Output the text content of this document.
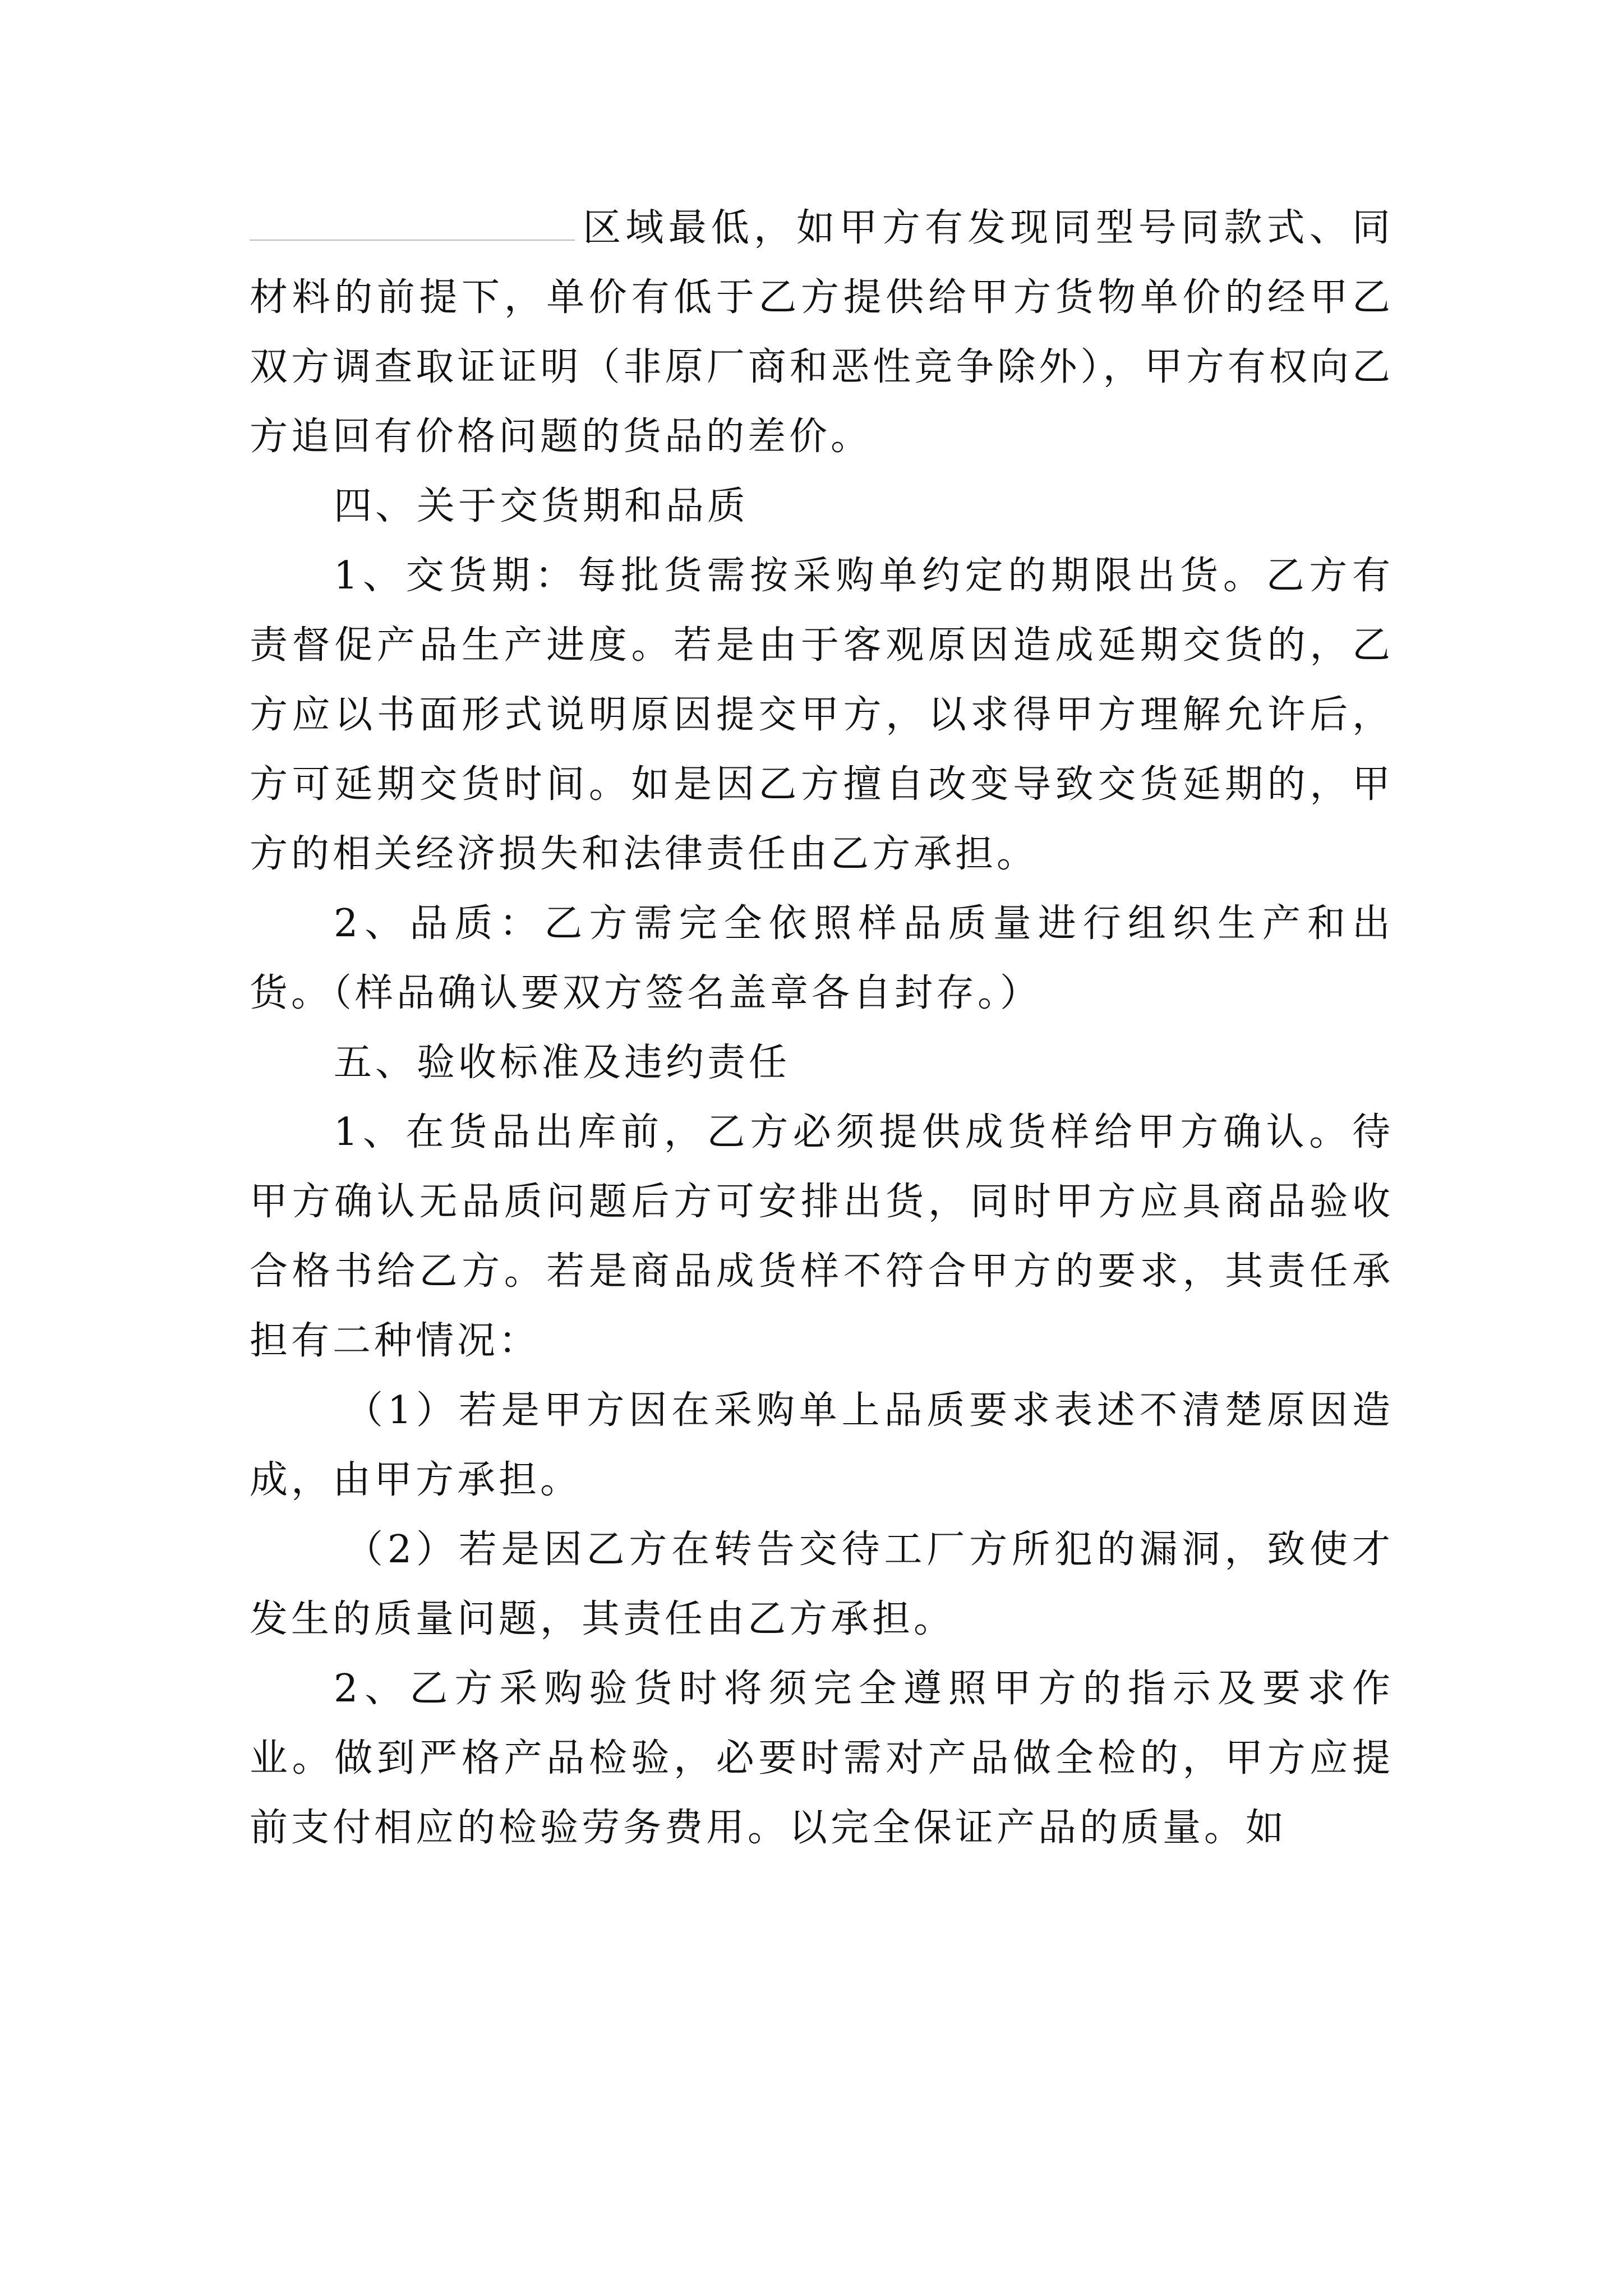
区域最低，如甲方有发现同型号同款式、同材料的前提下，单价有低于乙方提供给甲方货物单价的经甲乙双方调查取证证明（非原厂商和恶性竞争除外），甲方有权向乙方追回有价格问题的货品的差价。

四、关于交货期和品质

1、交货期：每批货需按采购单约定的期限出货。乙方有责督促产品生产进度。若是由于客观原因造成延期交货的，乙方应以书面形式说明原因提交甲方，以求得甲方理解允许后，方可延期交货时间。如是因乙方擅自改变导致交货延期的，甲方的相关经济损失和法律责任由乙方承担。

2、品质：乙方需完全依照样品质量进行组织生产和出货。（样品确认要双方签名盖章各自封存。）

五、验收标准及违约责任

1、在货品出库前，乙方必须提供成货样给甲方确认。待甲方确认无品质问题后方可安排出货，同时甲方应具商品验收合格书给乙方。若是商品成货样不符合甲方的要求，其责任承担有二种情况：

（1）若是甲方因在采购单上品质要求表述不清楚原因造成，由甲方承担。

（2）若是因乙方在转告交待工厂方所犯的漏洞，致使才发生的质量问题，其责任由乙方承担。

2、乙方采购验货时将须完全遵照甲方的指示及要求作业。做到严格产品检验，必要时需对产品做全检的，甲方应提前支付相应的检验劳务费用。以完全保证产品的质量。如
